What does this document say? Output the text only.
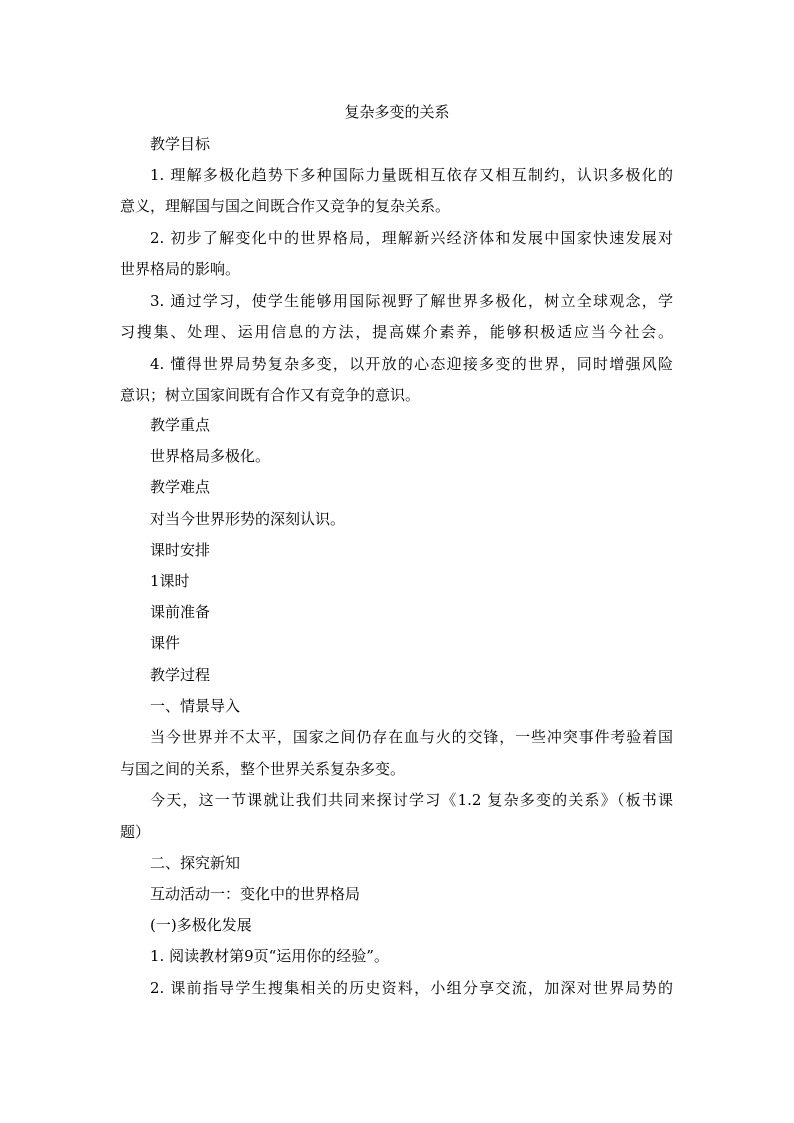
复杂多变的关系
教学目标
1. 理解多极化趋势下多种国际力量既相互依存又相互制约，认识多极化的
意义，理解国与国之间既合作又竞争的复杂关系。
2. 初步了解变化中的世界格局，理解新兴经济体和发展中国家快速发展对
世界格局的影响。
3. 通过学习，使学生能够用国际视野了解世界多极化，树立全球观念，学
习搜集、处理、运用信息的方法，提高媒介素养，能够积极适应当今社会。
4. 懂得世界局势复杂多变，以开放的心态迎接多变的世界，同时增强风险
意识；树立国家间既有合作又有竞争的意识。
教学重点
世界格局多极化。
教学难点
对当今世界形势的深刻认识。
课时安排
1课时
课前准备
课件
教学过程
一、情景导入
当今世界并不太平，国家之间仍存在血与火的交锋，一些冲突事件考验着国
与国之间的关系，整个世界关系复杂多变。
今天，这一节课就让我们共同来探讨学习《1.2 复杂多变的关系》（板书课
题）
二、探究新知
互动活动一：变化中的世界格局
(一)多极化发展
1. 阅读教材第9页“运用你的经验”。
2. 课前指导学生搜集相关的历史资料，小组分享交流，加深对世界局势的
